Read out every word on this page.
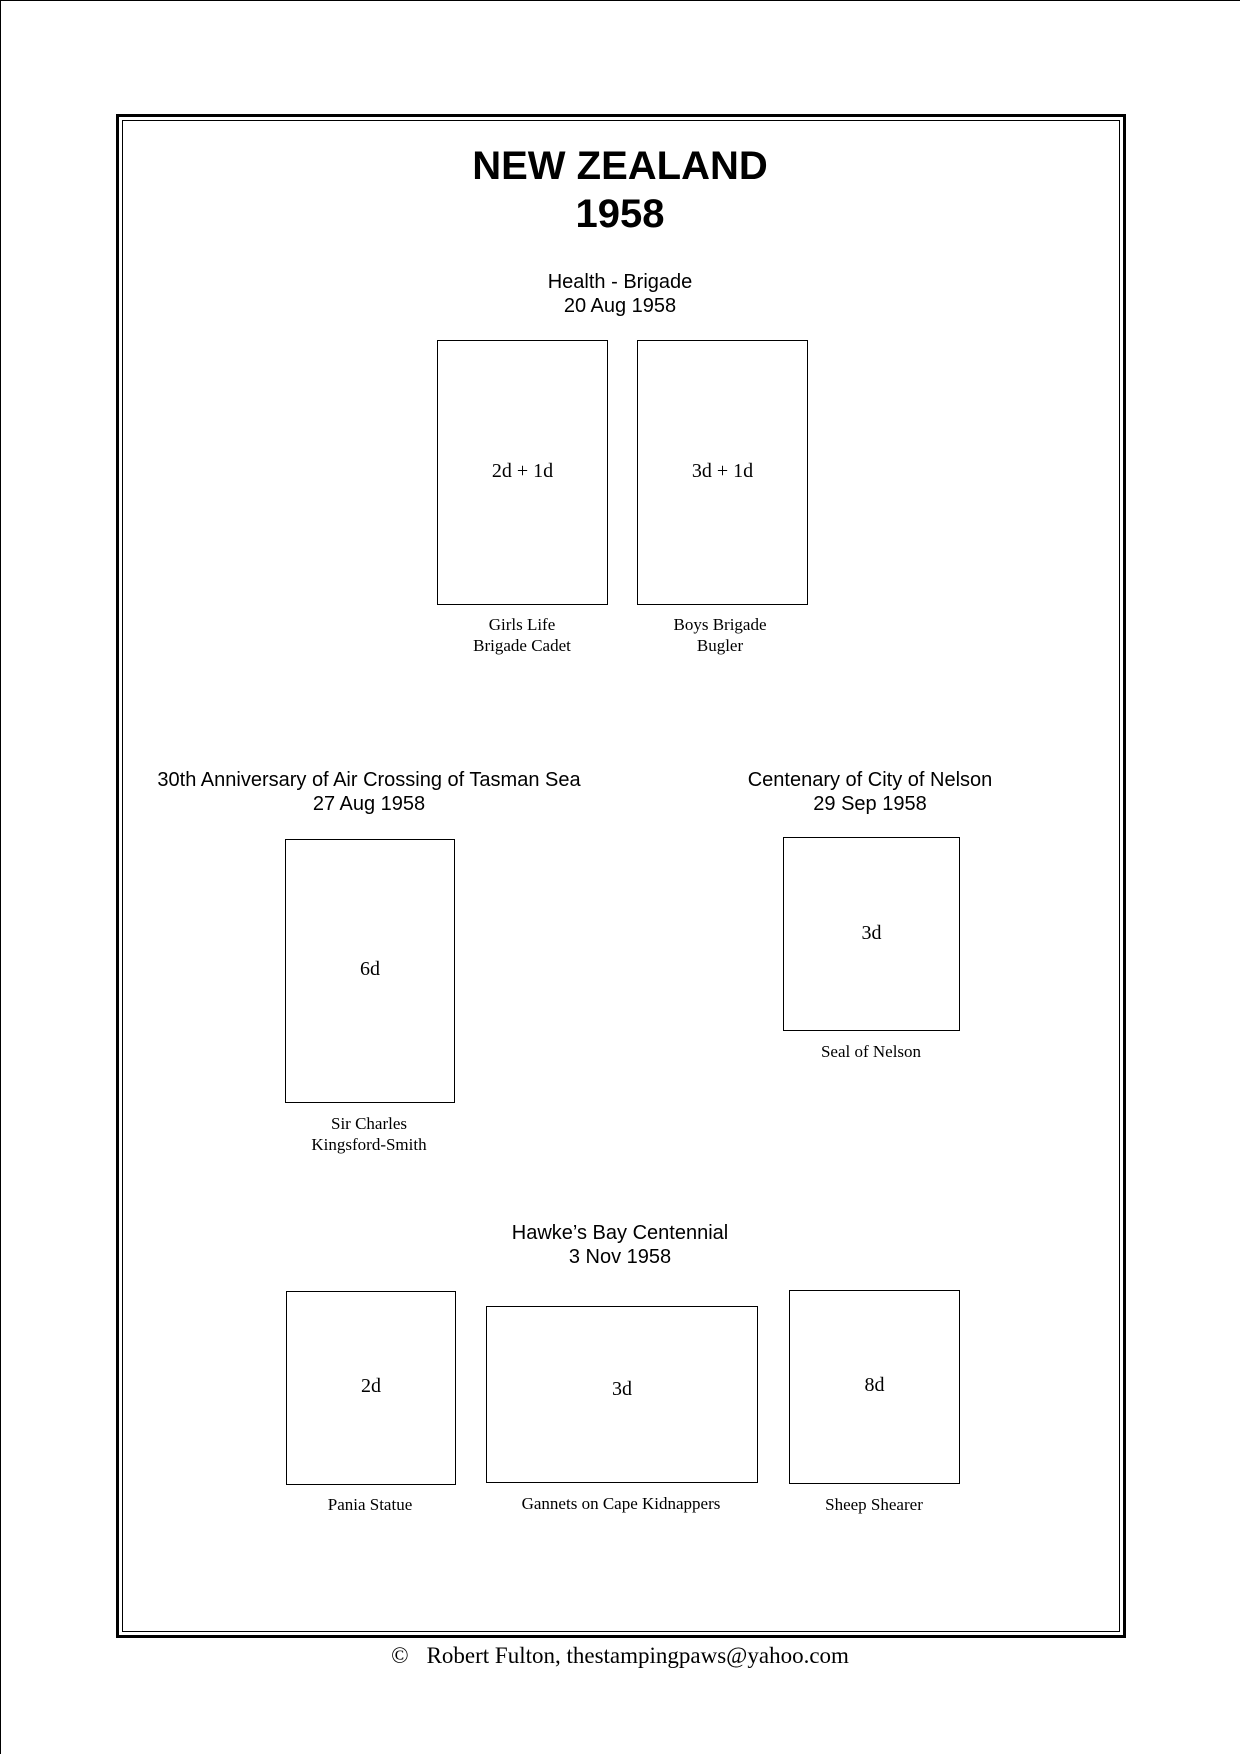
NEW ZEALAND
1958
Health - Brigade
20 Aug 1958
2d + 1d
Girls Life
Brigade Cadet
3d + 1d
Boys Brigade
Bugler
30th Anniversary of Air Crossing of Tasman Sea
27 Aug 1958
6d
Sir Charles
Kingsford-Smith
Centenary of City of Nelson
29 Sep 1958
3d
Seal of Nelson
Hawke’s Bay Centennial
3 Nov 1958
2d
Pania Statue
3d
Gannets on Cape Kidnappers
8d
Sheep Shearer
© Robert Fulton, thestampingpaws@yahoo.com
